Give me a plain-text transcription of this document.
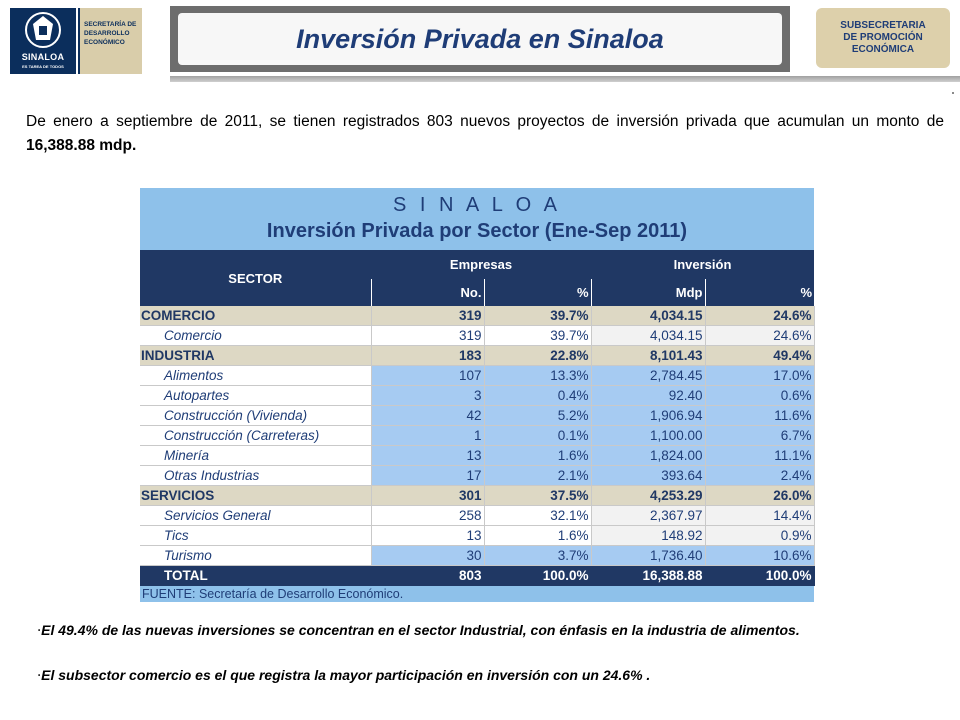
SINALOA
ES TAREA DE TODOS
SECRETARÍA DE
DESARROLLO
ECONÓMICO	Inversión Privada en Sinaloa	SUBSECRETARIA
DE PROMOCIÓN
ECONÓMICA
De enero a septiembre de 2011, se tienen registrados 803 nuevos proyectos de inversión privada que acumulan un monto de 16,388.88 mdp.
S I N A L O A
Inversión Privada por Sector (Ene-Sep 2011)
SECTOR	Empresas		Inversión	
	No.	%	Mdp	%
COMERCIO	319	39.7%	4,034.15	24.6%
Comercio	319	39.7%	4,034.15	24.6%
INDUSTRIA	183	22.8%	8,101.43	49.4%
Alimentos	107	13.3%	2,784.45	17.0%
Autopartes	3	0.4%	92.40	0.6%
Construcción (Vivienda)	42	5.2%	1,906.94	11.6%
Construcción (Carreteras)	1	0.1%	1,100.00	6.7%
Minería	13	1.6%	1,824.00	11.1%
Otras Industrias	17	2.1%	393.64	2.4%
SERVICIOS	301	37.5%	4,253.29	26.0%
Servicios General	258	32.1%	2,367.97	14.4%
Tics	13	1.6%	148.92	0.9%
Turismo	30	3.7%	1,736.40	10.6%
TOTAL	803	100.0%	16,388.88	100.0%
FUENTE: Secretaría de Desarrollo Económico.				
•El 49.4% de las nuevas inversiones se concentran en el sector Industrial, con énfasis en la industria de alimentos.
•El subsector comercio es el que registra la mayor participación en inversión con un 24.6% .
